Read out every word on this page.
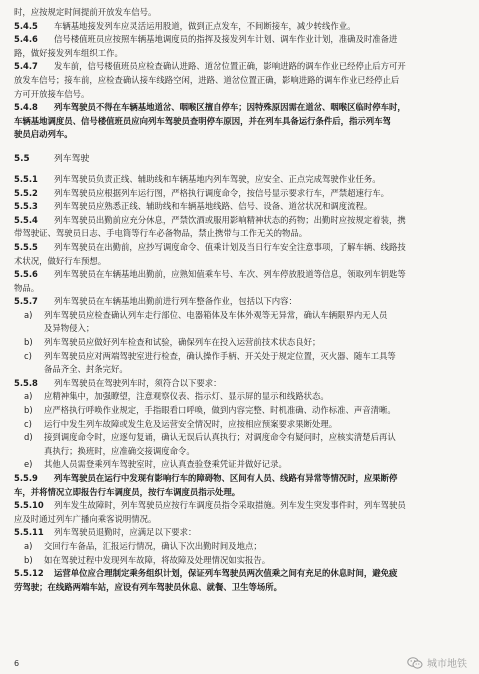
时，应按规定时间提前开放发车信号。
5.4.5	车辆基地接发列车应灵活运用股道，做到正点发车，不间断接车，减少转线作业。
5.4.6	信号楼值班员应按照车辆基地调度员的指挥及接发列车计划、调车作业计划，准确及时准备进
路，做好接发列车组织工作。
5.4.7	发车前，信号楼值班员应检查确认进路、道岔位置正确，影响进路的调车作业已经停止后方可开
放发车信号；接车前，应检查确认接车线路空闲，进路、道岔位置正确，影响进路的调车作业已经停止后
方可开放接车信号。
5.4.8	列车驾驶员不得在车辆基地道岔、咽喉区擅自停车；因特殊原因需在道岔、咽喉区临时停车时，
车辆基地调度员、信号楼值班员应向列车驾驶员查明停车原因，并在列车具备运行条件后，指示列车驾
驶员启动列车。
5.5	列车驾驶
5.5.1	列车驾驶员负责正线、辅助线和车辆基地内列车驾驶，应安全、正点完成驾驶作业任务。
5.5.2	列车驾驶员应根据列车运行图，严格执行调度命令，按信号显示要求行车，严禁超速行车。
5.5.3	列车驾驶员应熟悉正线、辅助线和车辆基地线路、信号、设备、道岔状况和调度流程。
5.5.4	列车驾驶员出勤前应充分休息，严禁饮酒或服用影响精神状态的药物；出勤时应按规定着装，携
带驾驶证、驾驶员日志、手电筒等行车必备物品，禁止携带与工作无关的物品。
5.5.5	列车驾驶员在出勤前，应抄写调度命令、值乘计划及当日行车安全注意事项，了解车辆、线路技
术状况，做好行车预想。
5.5.6	列车驾驶员在车辆基地出勤前，应熟知值乘车号、车次、列车停放股道等信息，领取列车钥匙等
物品。
5.5.7	列车驾驶员在车辆基地出勤前进行列车整备作业，包括以下内容：
a)	列车驾驶员应检查确认列车走行部位、电器箱体及车体外观等无异常，确认车辆限界内无人员
及异物侵入；
b)	列车驾驶员应做好列车检查和试验，确保列车在投入运营前技术状态良好；
c)	列车驾驶员应对两端驾驶室进行检查，确认操作手柄、开关处于规定位置，灭火器、随车工具等
备品齐全、封条完好。
5.5.8	列车驾驶员在驾驶列车时，须符合以下要求：
a)	应精神集中，加强瞭望，注意观察仪表、指示灯、显示屏的显示和线路状态。
b)	应严格执行呼唤作业规定，手指眼看口呼唤，做到内容完整、时机准确、动作标准、声音清晰。
c)	运行中发生列车故障或发生危及运营安全情况时，应按相应预案要求果断处理。
d)	接到调度命令时，应逐句复诵，确认无误后认真执行；对调度命令有疑问时，应核实清楚后再认
真执行；换班时，应准确交接调度命令。
e)	其他人员需登乘列车驾驶室时，应认真查验登乘凭证并做好记录。
5.5.9	列车驾驶员在运行中发现有影响行车的障碍物、区间有人员、线路有异常等情况时，应果断停
车，并将情况立即报告行车调度员，按行车调度员指示处理。
5.5.10	列车发生故障时，列车驾驶员应按行车调度员指令采取措施。列车发生突发事件时，列车驾驶员
应及时通过列车广播向乘客说明情况。
5.5.11	列车驾驶员退勤时，应满足以下要求：
a)	交回行车备品，汇报运行情况，确认下次出勤时间及地点；
b)	如在驾驶过程中发现列车故障，将故障及处理情况如实报告。
5.5.12	运营单位应合理制定乘务组织计划，保证列车驾驶员两次值乘之间有充足的休息时间，避免疲
劳驾驶；在线路两端车站，应设有列车驾驶员休息、就餐、卫生等场所。
6	城市地铁
